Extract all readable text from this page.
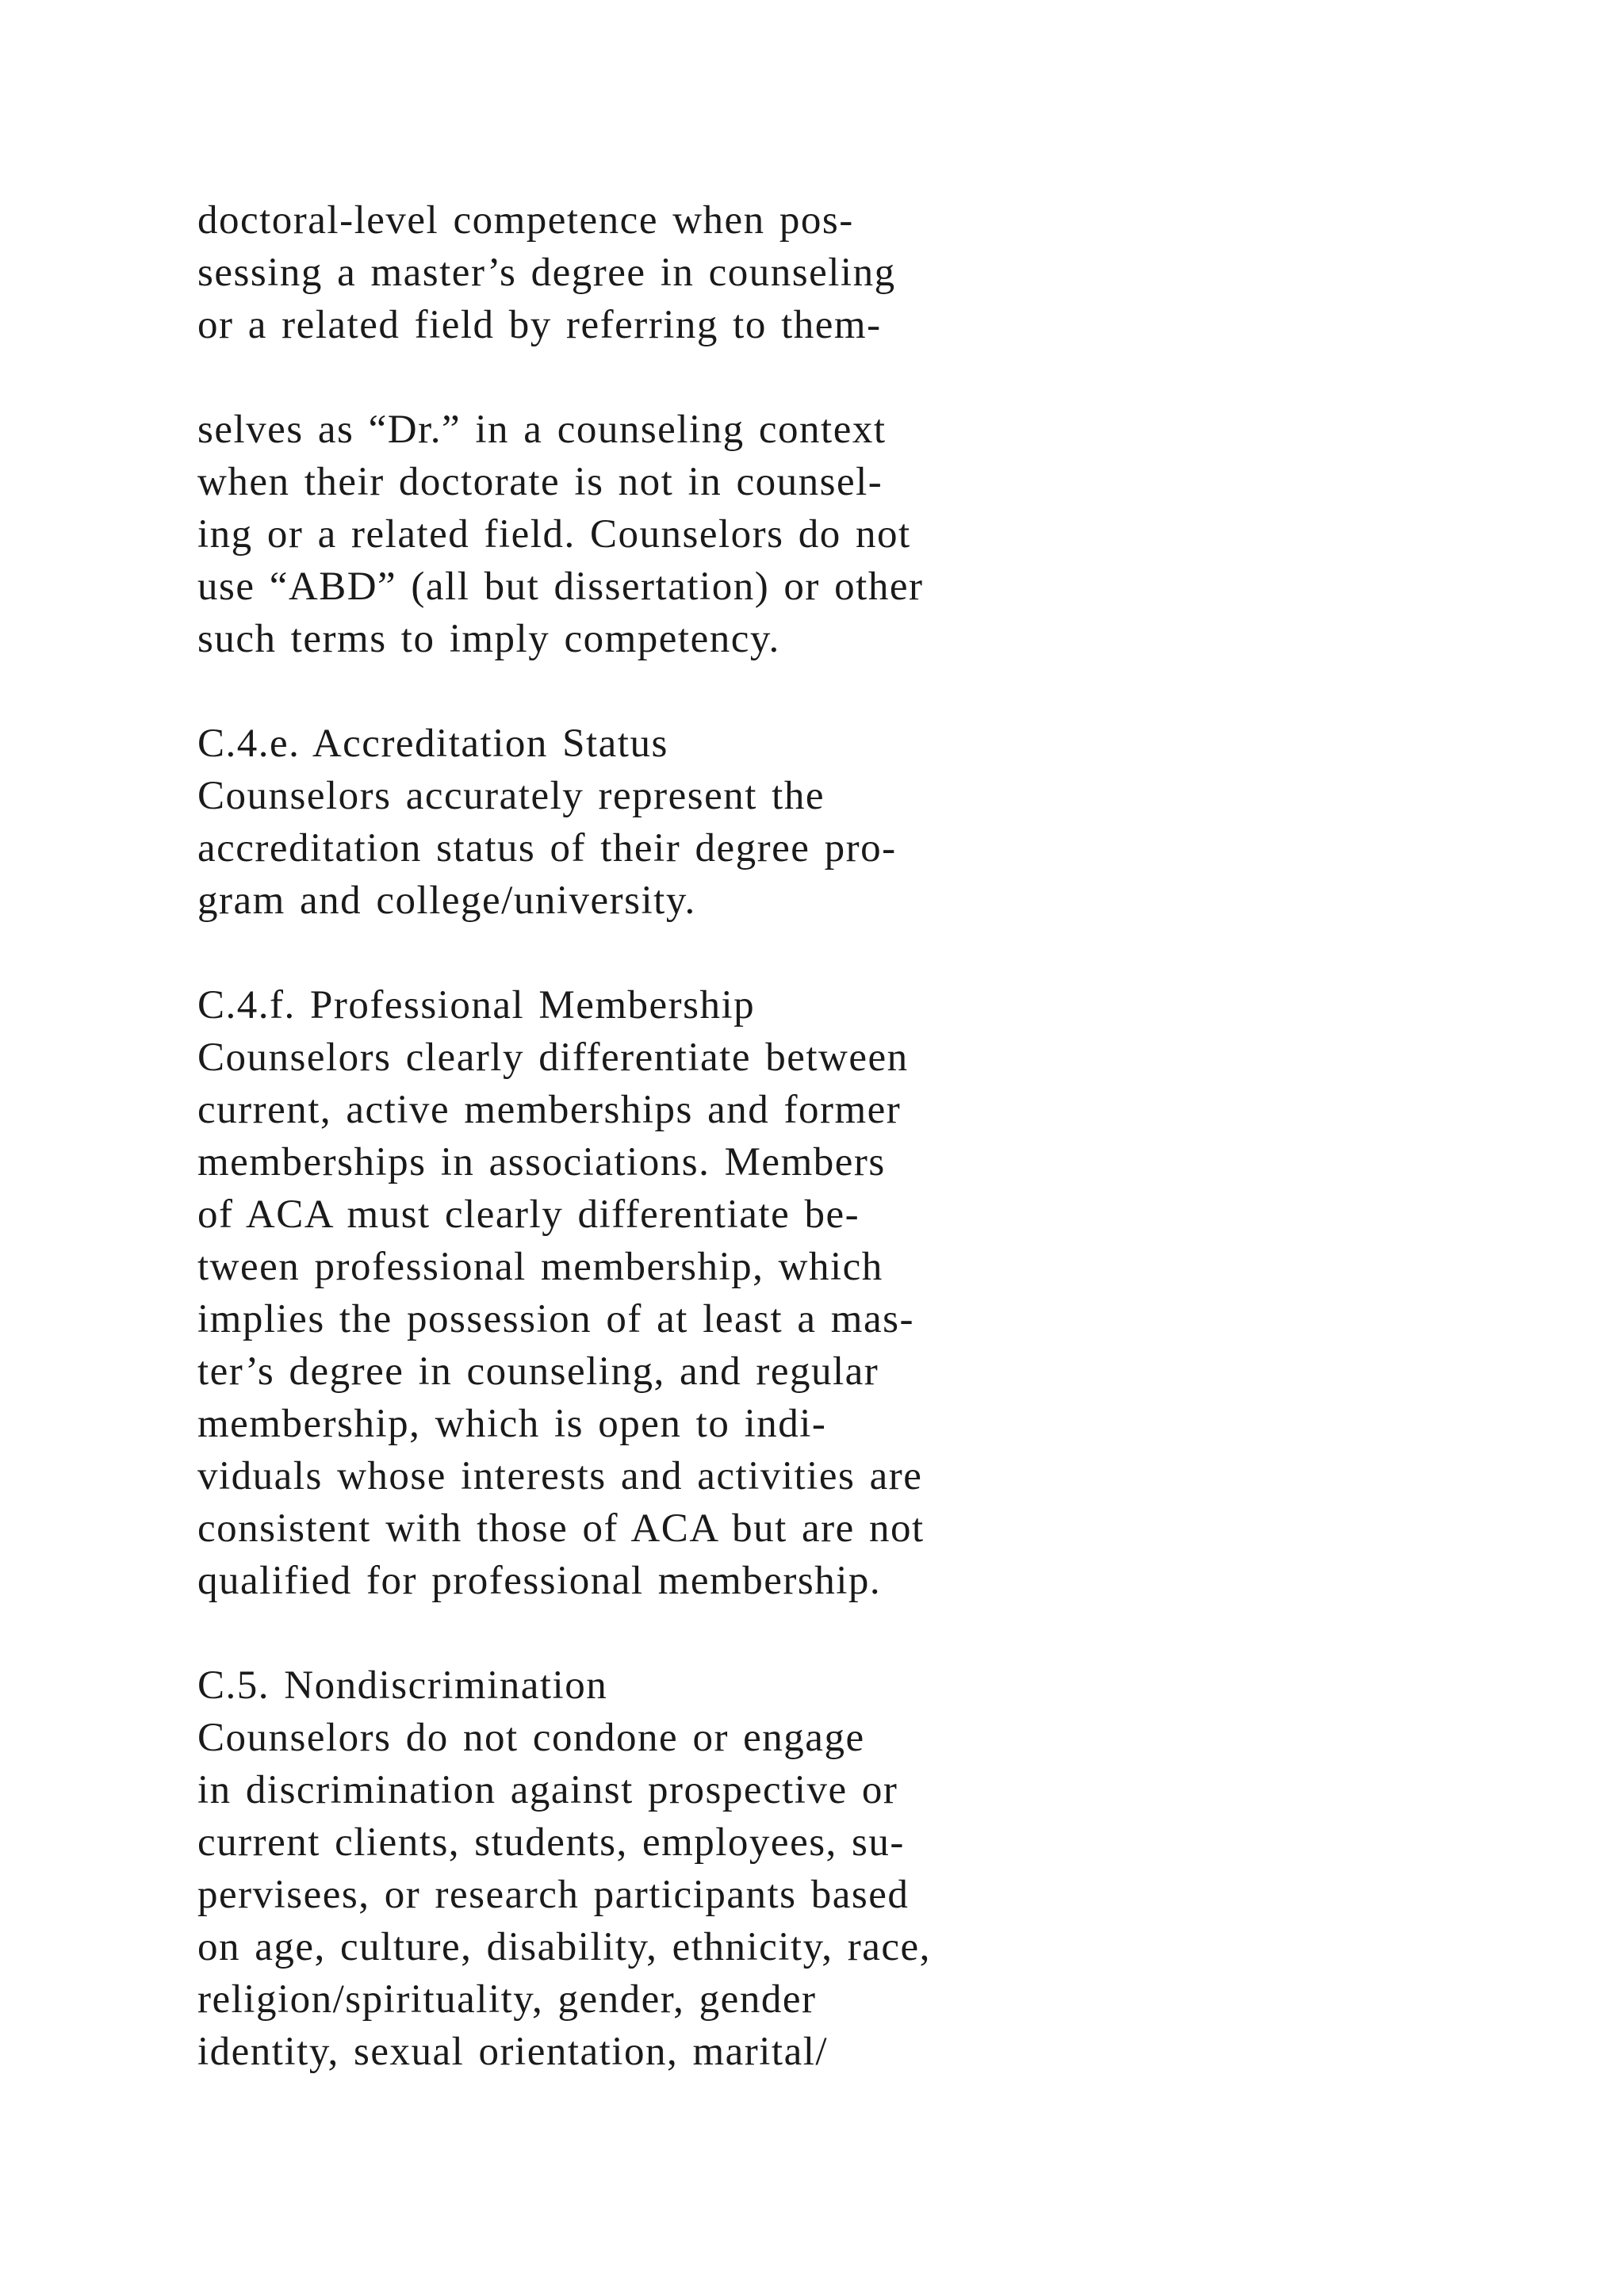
doctoral-level competence when pos-
sessing a master’s degree in counseling
or a related field by referring to them-
selves as “Dr.” in a counseling context
when their doctorate is not in counsel-
ing or a related field. Counselors do not
use “ABD” (all but dissertation) or other
such terms to imply competency.
C.4.e. Accreditation Status
Counselors accurately represent the
accreditation status of their degree pro-
gram and college/university.
C.4.f. Professional Membership
Counselors clearly differentiate between
current, active memberships and former
memberships in associations. Members
of ACA must clearly differentiate be-
tween professional membership, which
implies the possession of at least a mas-
ter’s degree in counseling, and regular
membership, which is open to indi-
viduals whose interests and activities are
consistent with those of ACA but are not
qualified for professional membership.
C.5. Nondiscrimination
Counselors do not condone or engage
in discrimination against prospective or
current clients, students, employees, su-
pervisees, or research participants based
on age, culture, disability, ethnicity, race,
religion/spirituality, gender, gender
identity, sexual orientation, marital/
